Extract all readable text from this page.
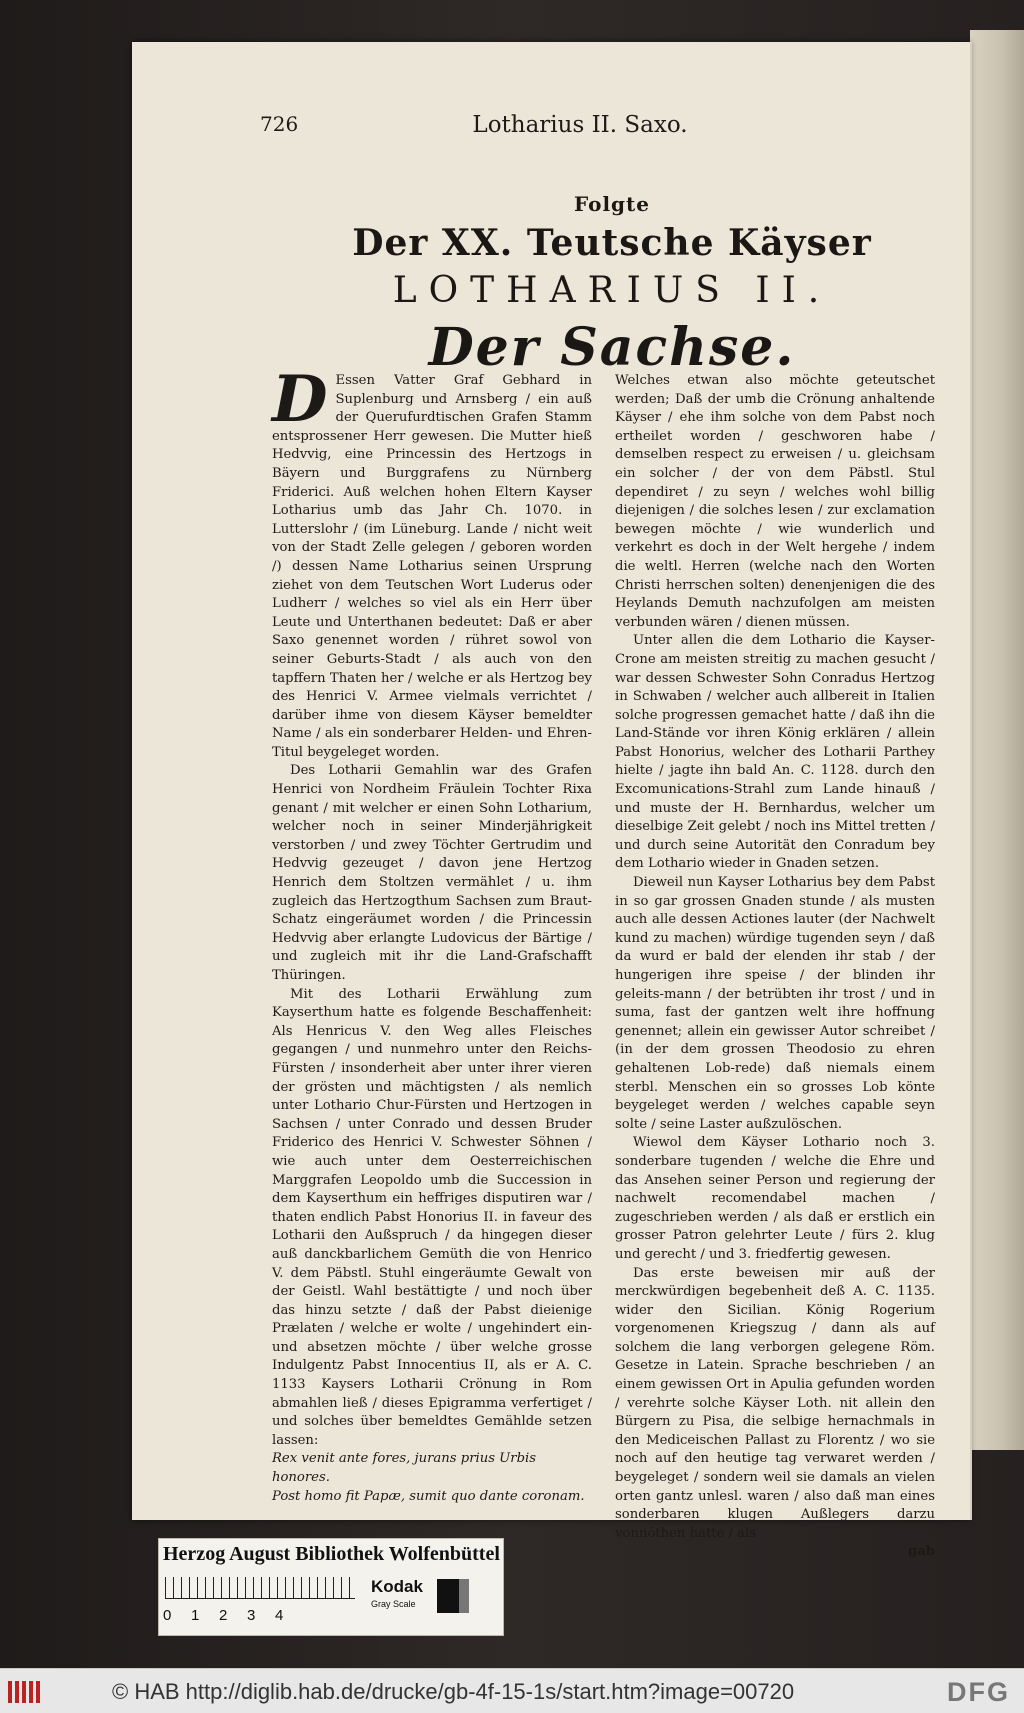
726	Lotharius II. Saxo.
Folgte
Der XX. Teutsche Käyser
LOTHARIUS II.
Der Sachse.

D Essen Vatter Graf Gebhard in Suplenburg und Arnsberg / ein auß der Querufurdtischen Grafen Stamm entsprossener Herr gewesen. Die Mutter hieß Hedvvig, eine Princessin des Hertzogs in Bäyern und Burggrafens zu Nürnberg Friderici. Auß welchen hohen Eltern Kayser Lotharius umb das Jahr Ch. 1070. in Lutterslohr / (im Lüneburg. Lande / nicht weit von der Stadt Zelle gelegen / geboren worden /) dessen Name Lotharius seinen Ursprung ziehet von dem Teutschen Wort Luderus oder Ludherr / welches so viel als ein Herr über Leute und Unterthanen bedeutet: Daß er aber Saxo genennet worden / rühret sowol von seiner Geburts-Stadt / als auch von den tapffern Thaten her / welche er als Hertzog bey des Henrici V. Armee vielmals verrichtet / darüber ihme von diesem Käyser bemeldter Name / als ein sonderbarer Helden- und Ehren-Titul beygeleget worden.

Des Lotharii Gemahlin war des Grafen Henrici von Nordheim Fräulein Tochter Rixa genant / mit welcher er einen Sohn Lotharium, welcher noch in seiner Minderjährigkeit verstorben / und zwey Töchter Gertrudim und Hedvvig gezeuget / davon jene Hertzog Henrich dem Stoltzen vermählet / u. ihm zugleich das Hertzogthum Sachsen zum Braut-Schatz eingeräumet worden / die Princessin Hedvvig aber erlangte Ludovicus der Bärtige / und zugleich mit ihr die Land-Grafschafft Thüringen.

Mit des Lotharii Erwählung zum Kayserthum hatte es folgende Beschaffenheit: Als Henricus V. den Weg alles Fleisches gegangen / und nunmehro unter den Reichs-Fürsten / insonderheit aber unter ihrer vieren der grösten und mächtigsten / als nemlich unter Lothario Chur-Fürsten und Hertzogen in Sachsen / unter Conrado und dessen Bruder Friderico des Henrici V. Schwester Söhnen / wie auch unter dem Oesterreichischen Marggrafen Leopoldo umb die Succession in dem Kayserthum ein heffriges disputiren war / thaten endlich Pabst Honorius II. in faveur des Lotharii den Außspruch / da hingegen dieser auß danckbarlichem Gemüth die von Henrico V. dem Päbstl. Stuhl eingeräumte Gewalt von der Geistl. Wahl bestättigte / und noch über das hinzu setzte / daß der Pabst dieienige Prælaten / welche er wolte / ungehindert ein- und absetzen möchte / über welche grosse Indulgentz Pabst Innocentius II, als er A. C. 1133 Kaysers Lotharii Crönung in Rom abmahlen ließ / dieses Epigramma verfertiget / und solches über bemeldtes Gemählde setzen lassen:

Rex venit ante fores, jurans prius Urbis honores.

Post homo fit Papæ, sumit quo dante coronam.

Welches etwan also möchte geteutschet werden; Daß der umb die Crönung anhaltende Käyser / ehe ihm solche von dem Pabst noch ertheilet worden / geschworen habe / demselben respect zu erweisen / u. gleichsam ein solcher / der von dem Päbstl. Stul dependiret / zu seyn / welches wohl billig diejenigen / die solches lesen / zur exclamation bewegen möchte / wie wunderlich und verkehrt es doch in der Welt hergehe / indem die weltl. Herren (welche nach den Worten Christi herrschen solten) denenjenigen die des Heylands Demuth nachzufolgen am meisten verbunden wären / dienen müssen.

Unter allen die dem Lothario die Kayser-Crone am meisten streitig zu machen gesucht / war dessen Schwester Sohn Conradus Hertzog in Schwaben / welcher auch allbereit in Italien solche progressen gemachet hatte / daß ihn die Land-Stände vor ihren König erklären / allein Pabst Honorius, welcher des Lotharii Parthey hielte / jagte ihn bald An. C. 1128. durch den Excomunications-Strahl zum Lande hinauß / und muste der H. Bernhardus, welcher um dieselbige Zeit gelebt / noch ins Mittel tretten / und durch seine Autorität den Conradum bey dem Lothario wieder in Gnaden setzen.

Dieweil nun Kayser Lotharius bey dem Pabst in so gar grossen Gnaden stunde / als musten auch alle dessen Actiones lauter (der Nachwelt kund zu machen) würdige tugenden seyn / daß da wurd er bald der elenden ihr stab / der hungerigen ihre speise / der blinden ihr geleits-mann / der betrübten ihr trost / und in suma, fast der gantzen welt ihre hoffnung genennet; allein ein gewisser Autor schreibet / (in der dem grossen Theodosio zu ehren gehaltenen Lob-rede) daß niemals einem sterbl. Menschen ein so grosses Lob könte beygeleget werden / welches capable seyn solte / seine Laster außzulöschen.

Wiewol dem Käyser Lothario noch 3. sonderbare tugenden / welche die Ehre und das Ansehen seiner Person und regierung der nachwelt recomendabel machen / zugeschrieben werden / als daß er erstlich ein grosser Patron gelehrter Leute / fürs 2. klug und gerecht / und 3. friedfertig gewesen.

Das erste beweisen mir auß der merckwürdigen begebenheit deß A. C. 1135. wider den Sicilian. König Rogerium vorgenomenen Kriegszug / dann als auf solchem die lang verborgen gelegene Röm. Gesetze in Latein. Sprache beschrieben / an einem gewissen Ort in Apulia gefunden worden / verehrte solche Käyser Loth. nit allein den Bürgern zu Pisa, die selbige hernachmals in den Mediceischen Pallast zu Florentz / wo sie noch auf den heutige tag verwaret werden / beygeleget / sondern weil sie damals an vielen orten gantz unlesl. waren / also daß man eines sonderbaren klugen Außlegers darzu vonnöthen hatte / als

gab

Herzog August Bibliothek Wolfenbüttel
0 1 2 3 4
Kodak
Gray Scale
© HAB http://diglib.hab.de/drucke/gb-4f-15-1s/start.htm?image=00720	DFG
